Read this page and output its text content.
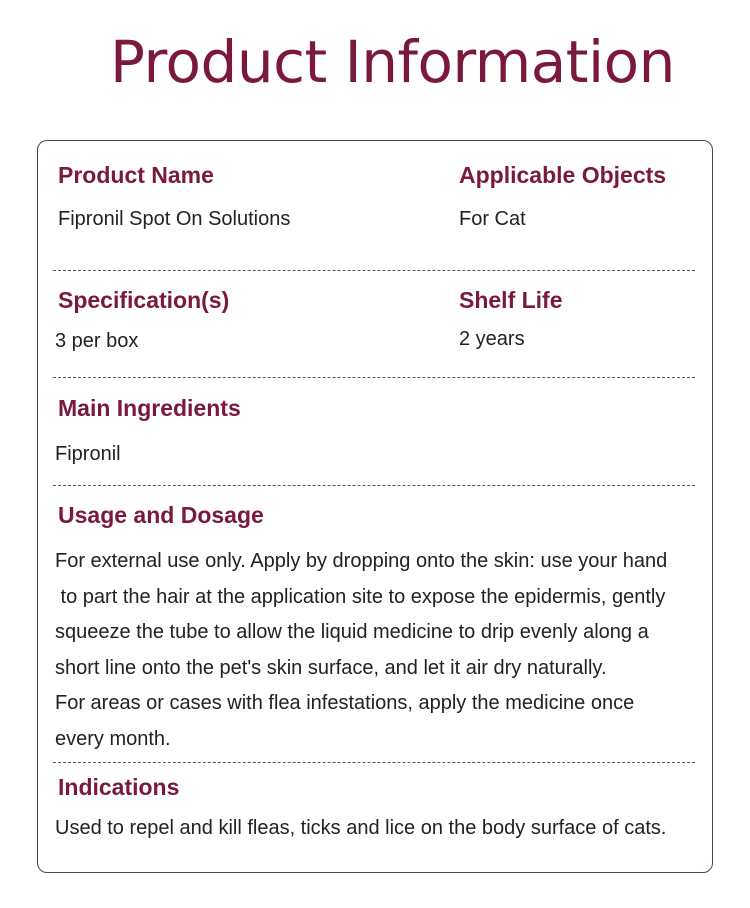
Product Information
Product Name
Fipronil Spot On Solutions
Applicable Objects
For Cat
Specification(s)
3 per box
Shelf Life
2 years
Main Ingredients
Fipronil
Usage and Dosage
For external use only. Apply by dropping onto the skin: use your hand
to part the hair at the application site to expose the epidermis, gently
squeeze the tube to allow the liquid medicine to drip evenly along a
short line onto the pet's skin surface, and let it air dry naturally.
For areas or cases with flea infestations, apply the medicine once
every month.
Indications
Used to repel and kill fleas, ticks and lice on the body surface of cats.
